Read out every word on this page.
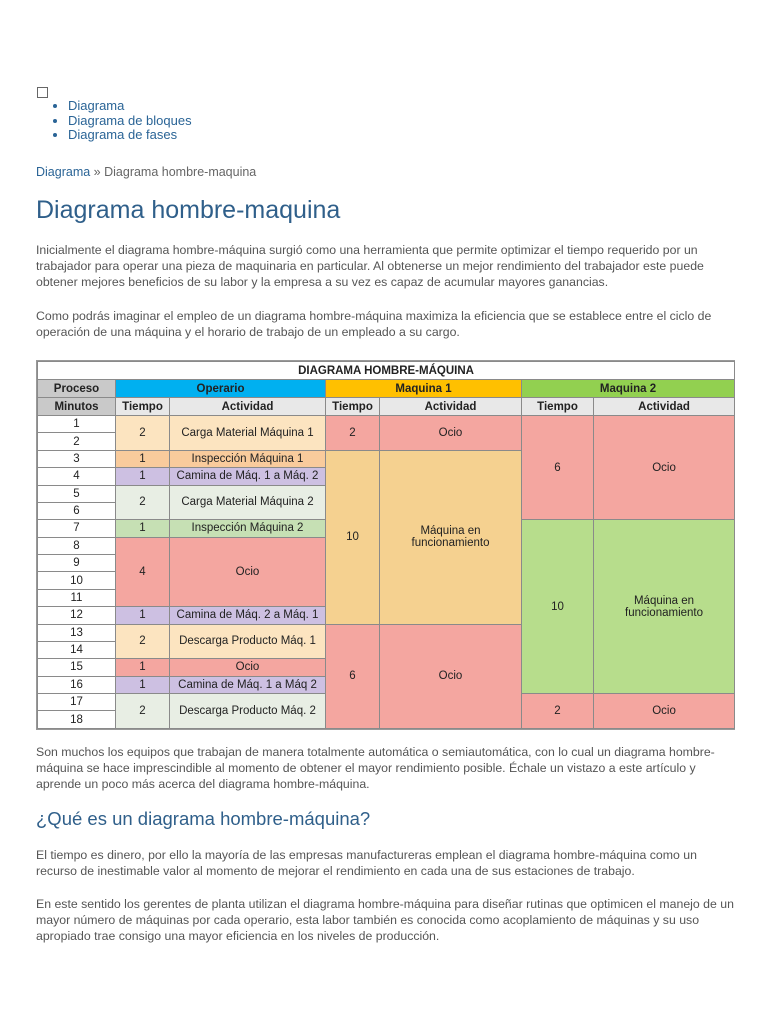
• Diagrama
• Diagrama de bloques
• Diagrama de fases
Diagrama » Diagrama hombre-maquina
Diagrama hombre-maquina

Inicialmente el diagrama hombre-máquina surgió como una herramienta que permite optimizar el tiempo requerido por un trabajador para operar una pieza de maquinaria en particular. Al obtenerse un mejor rendimiento del trabajador este puede obtener mejores beneficios de su labor y la empresa a su vez es capaz de acumular mayores ganancias.

Como podrás imaginar el empleo de un diagrama hombre-máquina maximiza la eficiencia que se establece entre el ciclo de operación de una máquina y el horario de trabajo de un empleado a su cargo.

DIAGRAMA HOMBRE-MÁQUINA						
Proceso	Operario		Maquina 1		Maquina 2	
Minutos	Tiempo	Actividad	Tiempo	Actividad	Tiempo	Actividad
1	2	Carga Material Máquina 1	2	Ocio	6	Ocio
2						
3	1	Inspección Máquina 1	10	Máquina en funcionamiento		
4	1	Camina de Máq. 1 a Máq. 2				
5	2	Carga Material Máquina 2				
6						
7	1	Inspección Máquina 2			10	Máquina en funcionamiento
8	4	Ocio				
9						
10						
11						
12	1	Camina de Máq. 2 a Máq. 1				
13	2	Descarga Producto Máq. 1	6	Ocio		
14						
15	1	Ocio				
16	1	Camina de Máq. 1 a Máq 2				
17	2	Descarga Producto Máq. 2			2	Ocio
18						

Son muchos los equipos que trabajan de manera totalmente automática o semiautomática, con lo cual un diagrama hombre-máquina se hace imprescindible al momento de obtener el mayor rendimiento posible. Échale un vistazo a este artículo y aprende un poco más acerca del diagrama hombre-máquina.

¿Qué es un diagrama hombre-máquina?

El tiempo es dinero, por ello la mayoría de las empresas manufactureras emplean el diagrama hombre-máquina como un recurso de inestimable valor al momento de mejorar el rendimiento en cada una de sus estaciones de trabajo.

En este sentido los gerentes de planta utilizan el diagrama hombre-máquina para diseñar rutinas que optimicen el manejo de un mayor número de máquinas por cada operario, esta labor también es conocida como acoplamiento de máquinas y su uso apropiado trae consigo una mayor eficiencia en los niveles de producción.
